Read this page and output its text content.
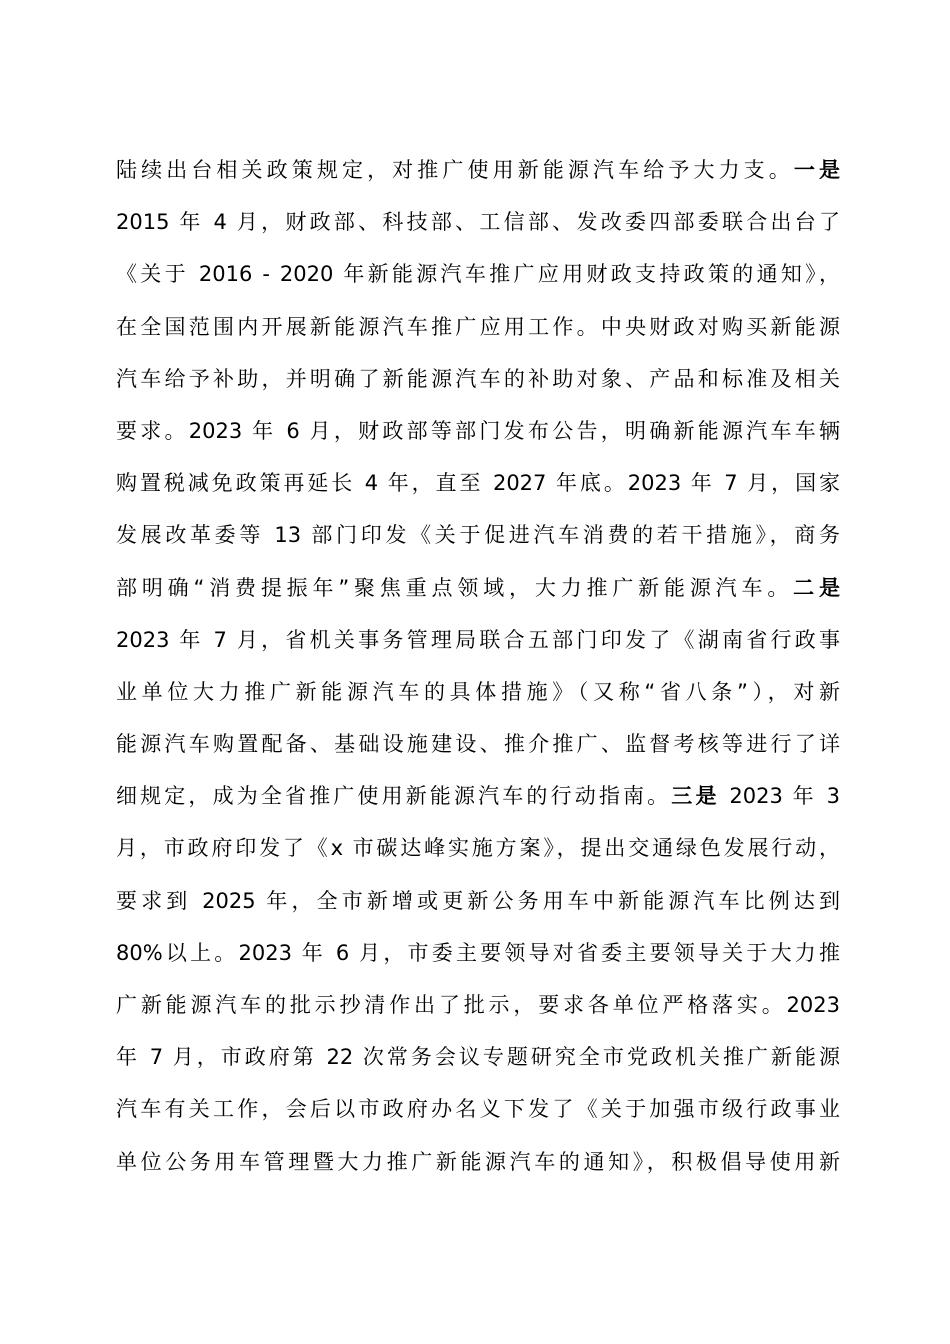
陆续出台相关政策规定，对推广使用新能源汽车给予大力支。一是
2015 年 4 月，财政部、科技部、工信部、发改委四部委联合出台了
《关于 2016 - 2020 年新能源汽车推广应用财政支持政策的通知》，
在全国范围内开展新能源汽车推广应用工作。中央财政对购买新能源
汽车给予补助，并明确了新能源汽车的补助对象、产品和标准及相关
要求。2023 年 6 月，财政部等部门发布公告，明确新能源汽车车辆
购置税减免政策再延长 4 年，直至 2027 年底。2023 年 7 月，国家
发展改革委等 13 部门印发《关于促进汽车消费的若干措施》，商务
部明确“消费提振年”聚焦重点领域，大力推广新能源汽车。二是
2023 年 7 月，省机关事务管理局联合五部门印发了《湖南省行政事
业单位大力推广新能源汽车的具体措施》（又称“省八条”），对新
能源汽车购置配备、基础设施建设、推介推广、监督考核等进行了详
细规定，成为全省推广使用新能源汽车的行动指南。三是 2023 年 3
月，市政府印发了《x 市碳达峰实施方案》，提出交通绿色发展行动，
要求到 2025 年，全市新增或更新公务用车中新能源汽车比例达到
80%以上。2023 年 6 月，市委主要领导对省委主要领导关于大力推
广新能源汽车的批示抄清作出了批示，要求各单位严格落实。2023
年 7 月，市政府第 22 次常务会议专题研究全市党政机关推广新能源
汽车有关工作，会后以市政府办名义下发了《关于加强市级行政事业
单位公务用车管理暨大力推广新能源汽车的通知》，积极倡导使用新
